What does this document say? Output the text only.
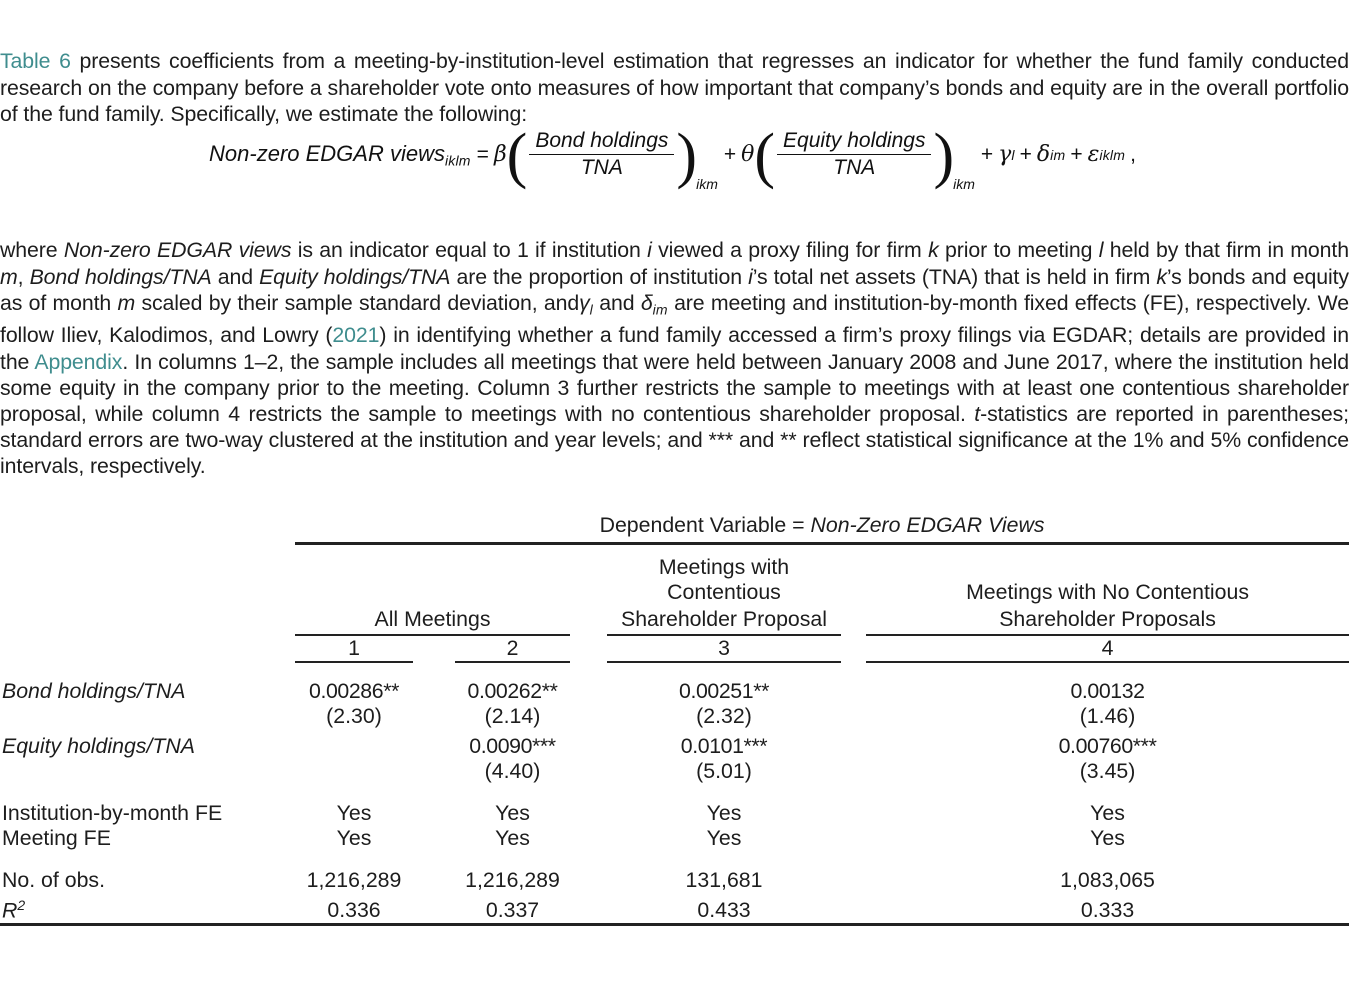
Table 6 presents coefficients from a meeting-by-institution-level estimation that regresses an indicator for whether the fund family conducted research on the company before a shareholder vote onto measures of how important that company’s bonds and equity are in the overall portfolio of the fund family. Specifically, we estimate the following:

Non-zero EDGAR views$_{iklm}$ = β ( $\frac{\text{Bond holdings}}{\text{TNA}}$ ) ikm
+ θ ( $\frac{\text{Equity holdings}}{\text{TNA}}$ ) ikm
+ γ l + δ im + ε iklm ,

where Non-zero EDGAR views is an indicator equal to 1 if institution i viewed a proxy filing for firm k prior to meeting l held by that firm in month m, Bond holdings/TNA and Equity holdings/TNA are the proportion of institution i’s total net assets (TNA) that is held in firm k’s bonds and equity as of month m scaled by their sample standard deviation, andγ$_l$ and $\delta_{im}$ are meeting and institution-by-month fixed effects (FE), respectively. We follow Iliev, Kalodimos, and Lowry (2021) in identifying whether a fund family accessed a firm’s proxy filings via EGDAR; details are provided in the Appendix. In columns 1–2, the sample includes all meetings that were held between January 2008 and June 2017, where the institution held some equity in the company prior to the meeting. Column 3 further restricts the sample to meetings with at least one contentious shareholder proposal, while column 4 restricts the sample to meetings with no contentious shareholder proposal. t-statistics are reported in parentheses; standard errors are two-way clustered at the institution and year levels; and *** and ** reflect statistical significance at the 1% and 5% confidence intervals, respectively.

	Dependent Variable = Non-Zero EDGAR Views						

					Meetings with Contentious		Meetings with No Contentious
	All Meetings				Shareholder Proposal		Shareholder Proposals

	1		2		3		4

Bond holdings/TNA	0.00286**		0.00262**		0.00251**		0.00132
	(2.30)		(2.14)		(2.32)		(1.46)

Equity holdings/TNA			0.0090***		0.0101***		0.00760***
			(4.40)		(5.01)		(3.45)

Institution-by-month FE	Yes		Yes		Yes		Yes
Meeting FE	Yes		Yes		Yes		Yes

No. of obs.	1,216,289		1,216,289		131,681		1,083,065
$R^2$	0.336		0.337		0.433		0.333
